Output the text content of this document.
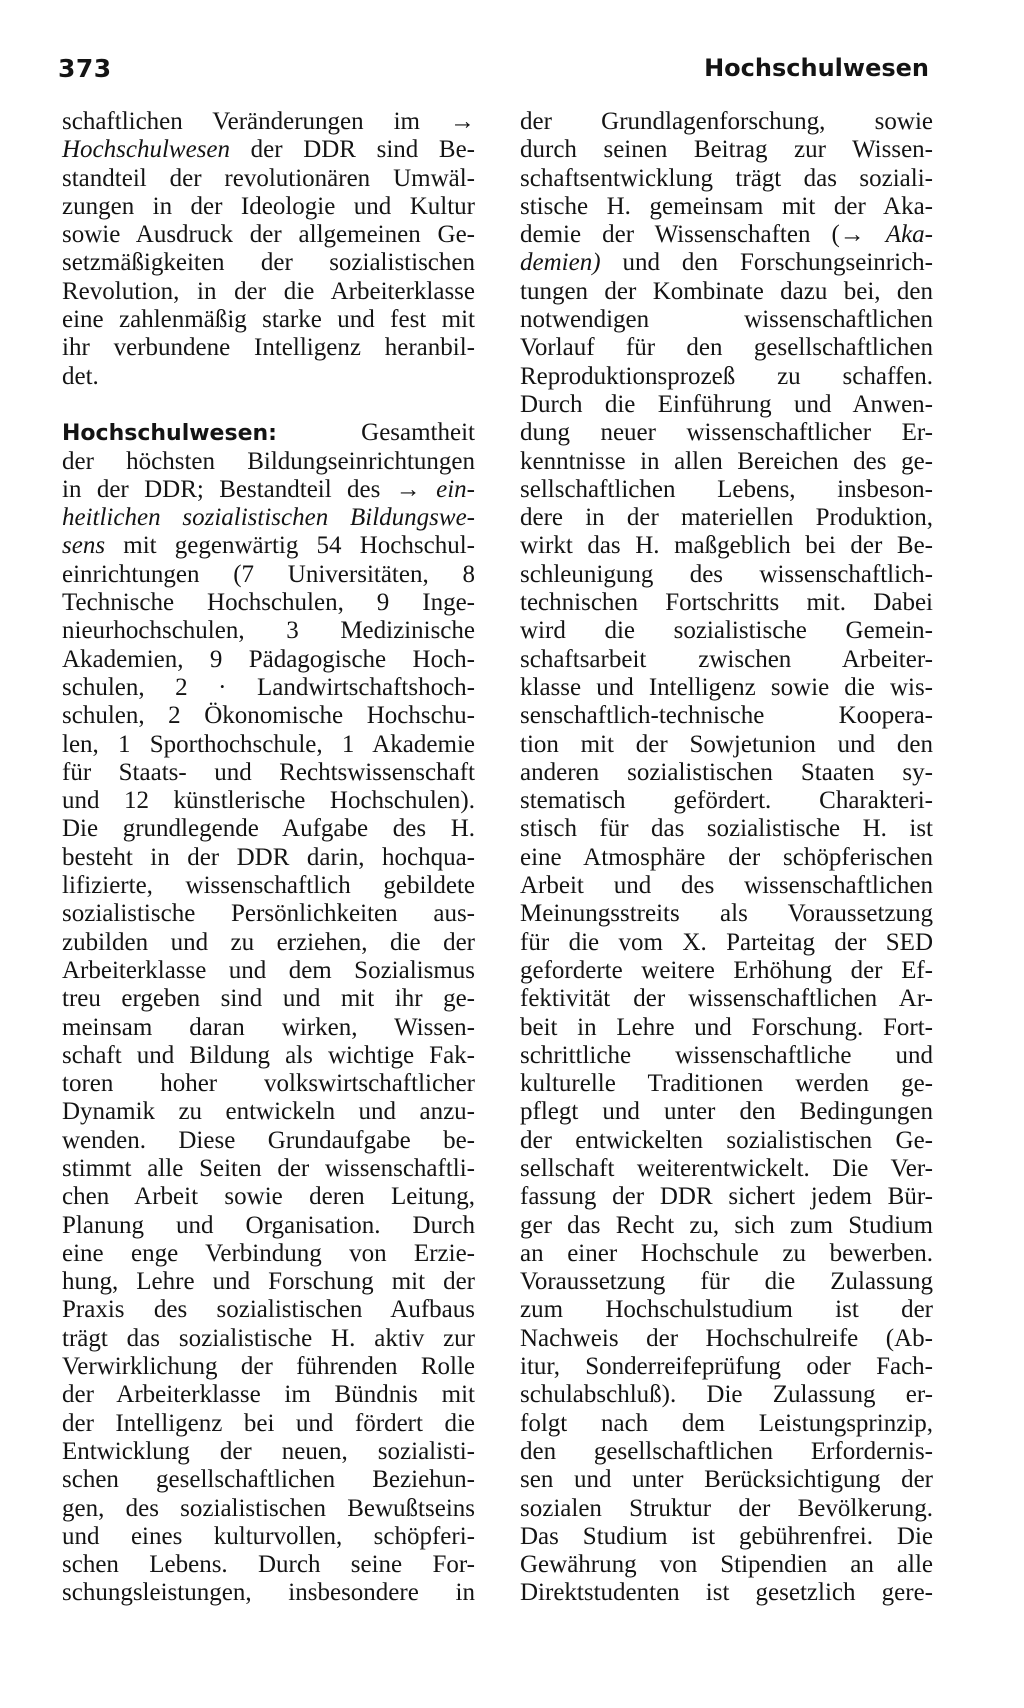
373	Hochschulwesen
schaftlichen Veränderungen im →
Hochschulwesen der DDR sind Be-
standteil der revolutionären Umwäl-
zungen in der Ideologie und Kultur
sowie Ausdruck der allgemeinen Ge-
setzmäßigkeiten der sozialistischen
Revolution, in der die Arbeiterklasse
eine zahlenmäßig starke und fest mit
ihr verbundene Intelligenz heranbil-
det.
Hochschulwesen: Gesamtheit
der höchsten Bildungseinrichtungen
in der DDR; Bestandteil des → ein-
heitlichen sozialistischen Bildungswe-
sens mit gegenwärtig 54 Hochschul-
einrichtungen (7 Universitäten, 8
Technische Hochschulen, 9 Inge-
nieurhochschulen, 3 Medizinische
Akademien, 9 Pädagogische Hoch-
schulen, 2 · Landwirtschaftshoch-
schulen, 2 Ökonomische Hochschu-
len, 1 Sporthochschule, 1 Akademie
für Staats- und Rechtswissenschaft
und 12 künstlerische Hochschulen).
Die grundlegende Aufgabe des H.
besteht in der DDR darin, hochqua-
lifizierte, wissenschaftlich gebildete
sozialistische Persönlichkeiten aus-
zubilden und zu erziehen, die der
Arbeiterklasse und dem Sozialismus
treu ergeben sind und mit ihr ge-
meinsam daran wirken, Wissen-
schaft und Bildung als wichtige Fak-
toren hoher volkswirtschaftlicher
Dynamik zu entwickeln und anzu-
wenden. Diese Grundaufgabe be-
stimmt alle Seiten der wissenschaftli-
chen Arbeit sowie deren Leitung,
Planung und Organisation. Durch
eine enge Verbindung von Erzie-
hung, Lehre und Forschung mit der
Praxis des sozialistischen Aufbaus
trägt das sozialistische H. aktiv zur
Verwirklichung der führenden Rolle
der Arbeiterklasse im Bündnis mit
der Intelligenz bei und fördert die
Entwicklung der neuen, sozialisti-
schen gesellschaftlichen Beziehun-
gen, des sozialistischen Bewußtseins
und eines kulturvollen, schöpferi-
schen Lebens. Durch seine For-
schungsleistungen, insbesondere in
der Grundlagenforschung, sowie
durch seinen Beitrag zur Wissen-
schaftsentwicklung trägt das soziali-
stische H. gemeinsam mit der Aka-
demie der Wissenschaften (→ Aka-
demien) und den Forschungseinrich-
tungen der Kombinate dazu bei, den
notwendigen wissenschaftlichen
Vorlauf für den gesellschaftlichen
Reproduktionsprozeß zu schaffen.
Durch die Einführung und Anwen-
dung neuer wissenschaftlicher Er-
kenntnisse in allen Bereichen des ge-
sellschaftlichen Lebens, insbeson-
dere in der materiellen Produktion,
wirkt das H. maßgeblich bei der Be-
schleunigung des wissenschaftlich-
technischen Fortschritts mit. Dabei
wird die sozialistische Gemein-
schaftsarbeit zwischen Arbeiter-
klasse und Intelligenz sowie die wis-
senschaftlich-technische Koopera-
tion mit der Sowjetunion und den
anderen sozialistischen Staaten sy-
stematisch gefördert. Charakteri-
stisch für das sozialistische H. ist
eine Atmosphäre der schöpferischen
Arbeit und des wissenschaftlichen
Meinungsstreits als Voraussetzung
für die vom X. Parteitag der SED
geforderte weitere Erhöhung der Ef-
fektivität der wissenschaftlichen Ar-
beit in Lehre und Forschung. Fort-
schrittliche wissenschaftliche und
kulturelle Traditionen werden ge-
pflegt und unter den Bedingungen
der entwickelten sozialistischen Ge-
sellschaft weiterentwickelt. Die Ver-
fassung der DDR sichert jedem Bür-
ger das Recht zu, sich zum Studium
an einer Hochschule zu bewerben.
Voraussetzung für die Zulassung
zum Hochschulstudium ist der
Nachweis der Hochschulreife (Ab-
itur, Sonderreifeprüfung oder Fach-
schulabschluß). Die Zulassung er-
folgt nach dem Leistungsprinzip,
den gesellschaftlichen Erfordernis-
sen und unter Berücksichtigung der
sozialen Struktur der Bevölkerung.
Das Studium ist gebührenfrei. Die
Gewährung von Stipendien an alle
Direktstudenten ist gesetzlich gere-
